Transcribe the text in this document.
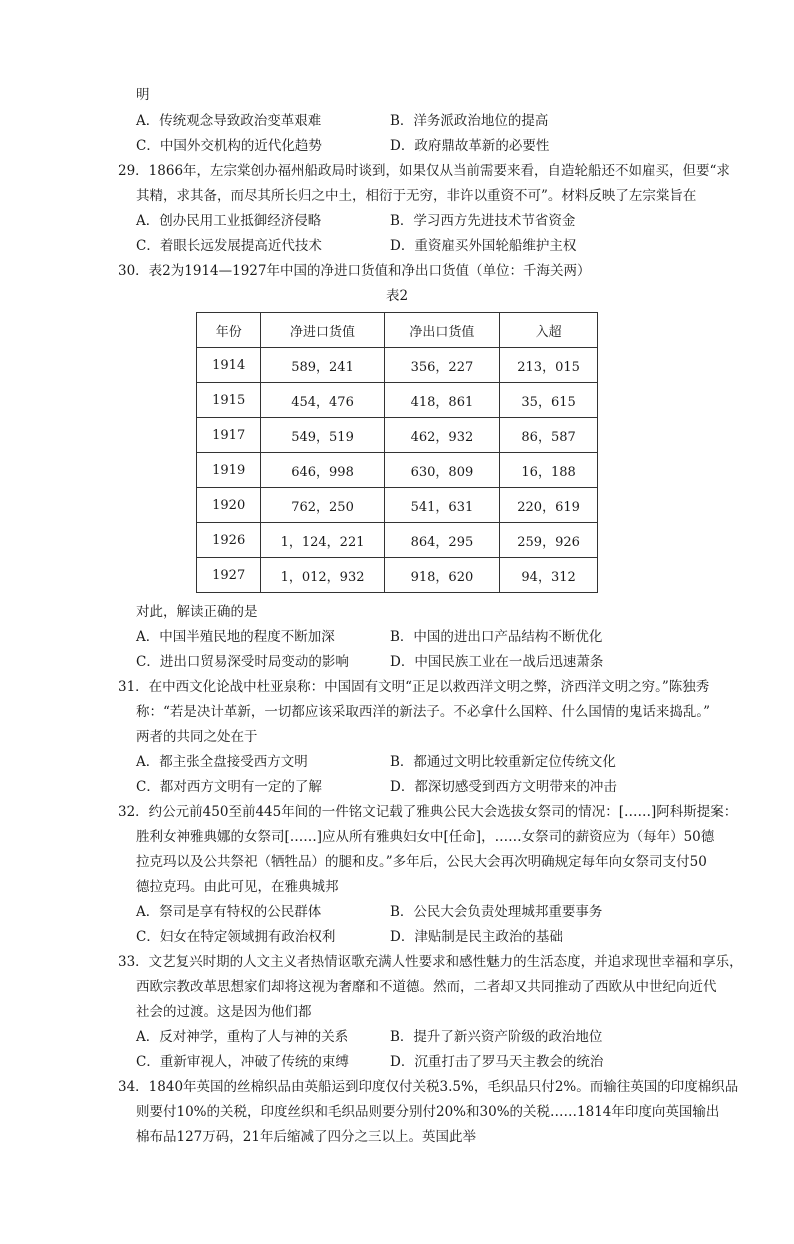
明
A．传统观念导致政治变革艰难	B．洋务派政治地位的提高
C．中国外交机构的近代化趋势	D．政府鼎故革新的必要性
29．1866年，左宗棠创办福州船政局时谈到，如果仅从当前需要来看，自造轮船还不如雇买，但要“求
其精，求其备，而尽其所长归之中土，相衍于无穷，非许以重资不可”。材料反映了左宗棠旨在
A．创办民用工业抵御经济侵略	B．学习西方先进技术节省资金
C．着眼长远发展提高近代技术	D．重资雇买外国轮船维护主权
30．表2为1914—1927年中国的净进口货值和净出口货值（单位：千海关两）
表2
年份	净进口货值	净出口货值	入超
1914	589，241	356，227	213，015
1915	454，476	418，861	35，615
1917	549，519	462，932	86，587
1919	646，998	630，809	16，188
1920	762，250	541，631	220，619
1926	1，124，221	864，295	259，926
1927	1，012，932	918，620	94，312
对此，解读正确的是
A．中国半殖民地的程度不断加深	B．中国的进出口产品结构不断优化
C．进出口贸易深受时局变动的影响	D．中国民族工业在一战后迅速萧条
31．在中西文化论战中杜亚泉称：中国固有文明“正足以救西洋文明之弊，济西洋文明之穷。”陈独秀
称：“若是决计革新，一切都应该采取西洋的新法子。不必拿什么国粹、什么国情的鬼话来捣乱。”
两者的共同之处在于
A．都主张全盘接受西方文明	B．都通过文明比较重新定位传统文化
C．都对西方文明有一定的了解	D．都深切感受到西方文明带来的冲击
32．约公元前450至前445年间的一件铭文记载了雅典公民大会选拔女祭司的情况：[……]阿科斯提案：
胜利女神雅典娜的女祭司[……]应从所有雅典妇女中[任命]，……女祭司的薪资应为（每年）50德
拉克玛以及公共祭祀（牺牲品）的腿和皮。”多年后，公民大会再次明确规定每年向女祭司支付50
德拉克玛。由此可见，在雅典城邦
A．祭司是享有特权的公民群体	B．公民大会负责处理城邦重要事务
C．妇女在特定领域拥有政治权利	D．津贴制是民主政治的基础
33．文艺复兴时期的人文主义者热情讴歌充满人性要求和感性魅力的生活态度，并追求现世幸福和享乐，
西欧宗教改革思想家们却将这视为奢靡和不道德。然而，二者却又共同推动了西欧从中世纪向近代
社会的过渡。这是因为他们都
A．反对神学，重构了人与神的关系	B．提升了新兴资产阶级的政治地位
C．重新审视人，冲破了传统的束缚	D．沉重打击了罗马天主教会的统治
34．1840年英国的丝棉织品由英船运到印度仅付关税3.5%，毛织品只付2%。而输往英国的印度棉织品
则要付10%的关税，印度丝织和毛织品则要分别付20%和30%的关税……1814年印度向英国输出
棉布品127万码，21年后缩减了四分之三以上。英国此举
